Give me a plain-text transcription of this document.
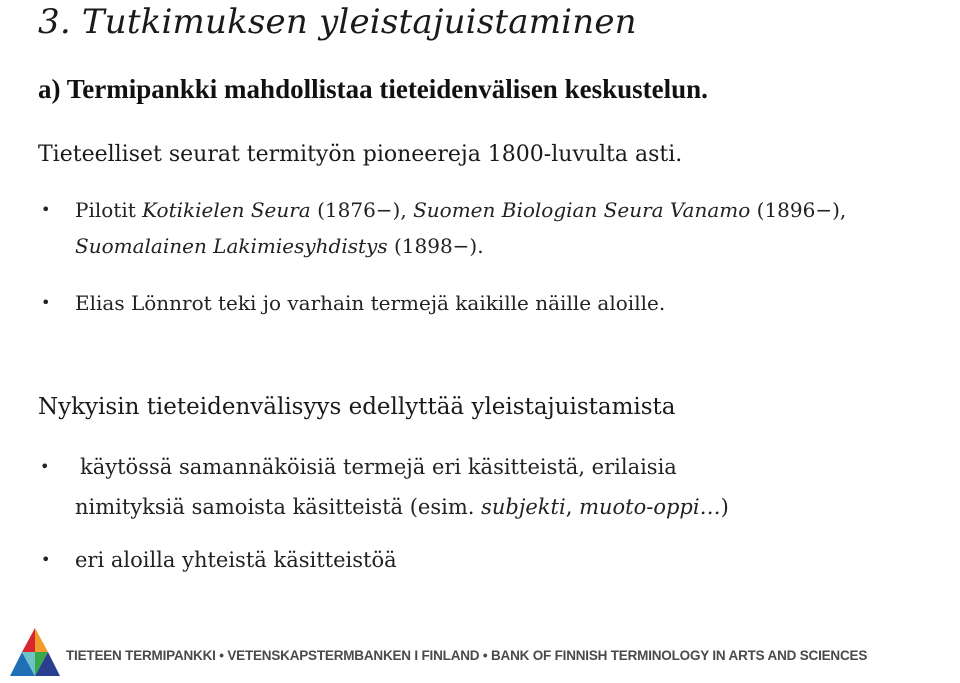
3. Tutkimuksen yleistajuistaminen
a) Termipankki mahdollistaa tieteidenvälisen keskustelun.

Tieteelliset seurat termityön pioneereja 1800-luvulta asti.

• Pilotit Kotikielen Seura (1876−), Suomen Biologian Seura Vanamo (1896−), Suomalainen Lakimiesyhdistys (1898−).
• Elias Lönnrot teki jo varhain termejä kaikille näille aloille.

Nykyisin tieteidenvälisyys edellyttää yleistajuistamista

• käytössä samannäköisiä termejä eri käsitteistä, erilaisia
nimityksiä samoista käsitteistä (esim. subjekti, muoto-oppi…)
• eri aloilla yhteistä käsitteistöä
TIETEEN TERMIPANKKI • VETENSKAPSTERMBANKEN I FINLAND • BANK OF FINNISH TERMINOLOGY IN ARTS AND SCIENCES
